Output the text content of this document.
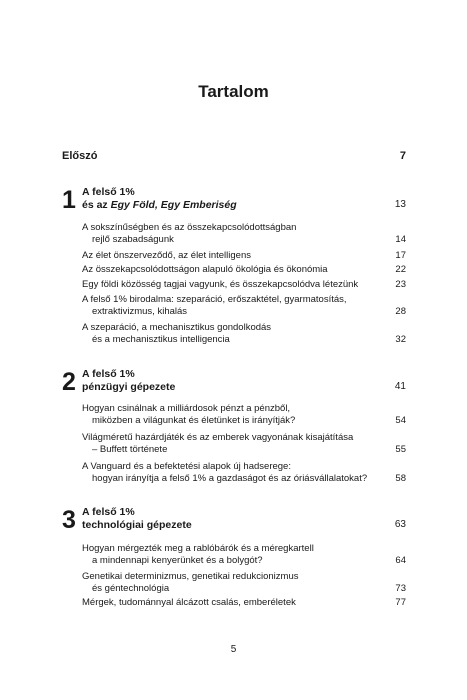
Tartalom
Előszó	7
1 A felső 1%
és az Egy Föld, Egy Emberiség	13
A sokszínűségben és az összekapcsolódottságban
rejlő szabadságunk	14
Az élet önszerveződő, az élet intelligens	17
Az összekapcsolódottságon alapuló ökológia és ökonómia	22
Egy földi közösség tagjai vagyunk, és összekapcsolódva létezünk	23
A felső 1% birodalma: szeparáció, erőszaktétel, gyarmatosítás,
extraktivizmus, kihalás	28
A szeparáció, a mechanisztikus gondolkodás
és a mechanisztikus intelligencia	32
2 A felső 1%
pénzügyi gépezete	41
Hogyan csinálnak a milliárdosok pénzt a pénzből,
miközben a világunkat és életünket is irányítják?	54
Világméretű hazárdjáték és az emberek vagyonának kisajátítása
– Buffett története	55
A Vanguard és a befektetési alapok új hadserege:
hogyan irányítja a felső 1% a gazdaságot és az óriásvállalatokat?	58
3 A felső 1%
technológiai gépezete	63
Hogyan mérgezték meg a rablóbárók és a méregkartell
a mindennapi kenyerünket és a bolygót?	64
Genetikai determinizmus, genetikai redukcionizmus
és géntechnológia	73
Mérgek, tudománnyal álcázott csalás, emberéletek	77
5
